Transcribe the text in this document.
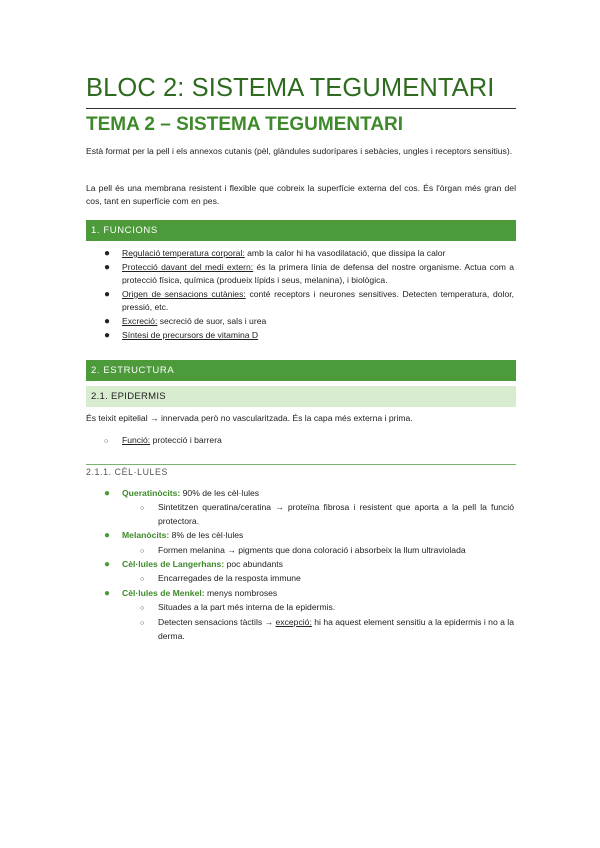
BLOC 2: SISTEMA TEGUMENTARI
TEMA 2 – SISTEMA TEGUMENTARI
Està format per la pell i els annexos cutanis (pèl, glàndules sudorípares i sebàcies, ungles i receptors sensitius).
La pell és una membrana resistent i flexible que cobreix la superfície externa del cos. És l'òrgan més gran del cos, tant en superfície com en pes.
1. FUNCIONS
● Regulació temperatura corporal: amb la calor hi ha vasodilatació, que dissipa la calor
● Protecció davant del medi extern: és la primera línia de defensa del nostre organisme. Actua com a protecció física, química (produeix lípids i seus, melanina), i biològica.
● Origen de sensacions cutànies: conté receptors i neurones sensitives. Detecten temperatura, dolor, pressió, etc.
● Excreció: secreció de suor, sals i urea
● Síntesi de precursors de vitamina D
2. ESTRUCTURA
2.1. EPIDERMIS
És teixit epitelial → innervada però no vascularitzada. És la capa més externa i prima.
○ Funció: protecció i barrera
2.1.1. CÈL·LULES
● Queratinòcits: 90% de les cèl·lules
○ Sintetitzen queratina/ceratina → proteïna fibrosa i resistent que aporta a la pell la funció protectora.
● Melanòcits: 8% de les cèl·lules
○ Formen melanina → pigments que dona coloració i absorbeix la llum ultraviolada
● Cèl·lules de Langerhans: poc abundants
○ Encarregades de la resposta immune
● Cèl·lules de Menkel: menys nombroses
○ Situades a la part més interna de la epidermis.
○ Detecten sensacions tàctils → excepció: hi ha aquest element sensitiu a la epidermis i no a la derma.
